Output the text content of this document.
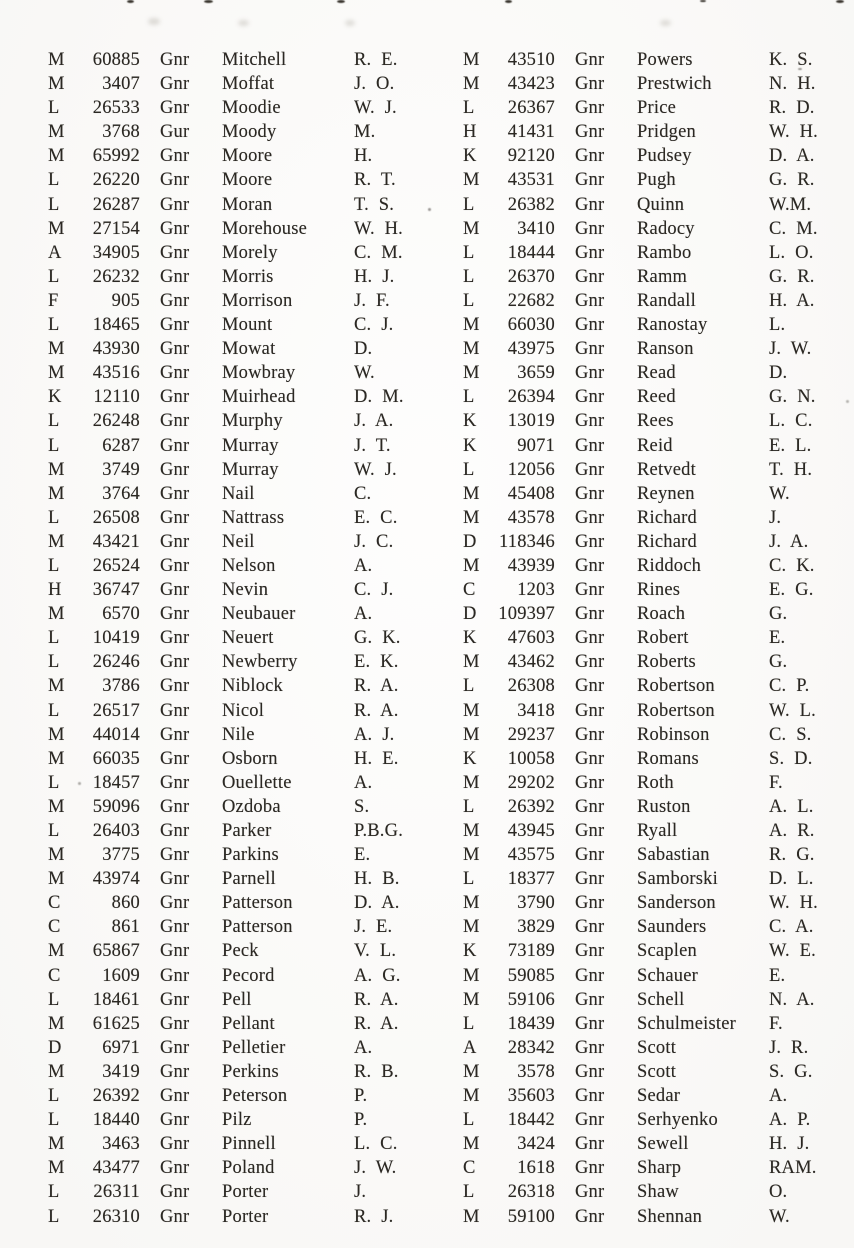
M	60885	Gnr	Mitchell	R. E.
M	3407	Gnr	Moffat	J. O.
L	26533	Gnr	Moodie	W. J.
M	3768	Gur	Moody	M.
M	65992	Gnr	Moore	H.
L	26220	Gnr	Moore	R. T.
L	26287	Gnr	Moran	T. S.
M	27154	Gnr	Morehouse	W. H.
A	34905	Gnr	Morely	C. M.
L	26232	Gnr	Morris	H. J.
F	905	Gnr	Morrison	J. F.
L	18465	Gnr	Mount	C. J.
M	43930	Gnr	Mowat	D.
M	43516	Gnr	Mowbray	W.
K	12110	Gnr	Muirhead	D. M.
L	26248	Gnr	Murphy	J. A.
L	6287	Gnr	Murray	J. T.
M	3749	Gnr	Murray	W. J.
M	3764	Gnr	Nail	C.
L	26508	Gnr	Nattrass	E. C.
M	43421	Gnr	Neil	J. C.
L	26524	Gnr	Nelson	A.
H	36747	Gnr	Nevin	C. J.
M	6570	Gnr	Neubauer	A.
L	10419	Gnr	Neuert	G. K.
L	26246	Gnr	Newberry	E. K.
M	3786	Gnr	Niblock	R. A.
L	26517	Gnr	Nicol	R. A.
M	44014	Gnr	Nile	A. J.
M	66035	Gnr	Osborn	H. E.
L	18457	Gnr	Ouellette	A.
M	59096	Gnr	Ozdoba	S.
L	26403	Gnr	Parker	P.B.G.
M	3775	Gnr	Parkins	E.
M	43974	Gnr	Parnell	H. B.
C	860	Gnr	Patterson	D. A.
C	861	Gnr	Patterson	J. E.
M	65867	Gnr	Peck	V. L.
C	1609	Gnr	Pecord	A. G.
L	18461	Gnr	Pell	R. A.
M	61625	Gnr	Pellant	R. A.
D	6971	Gnr	Pelletier	A.
M	3419	Gnr	Perkins	R. B.
L	26392	Gnr	Peterson	P.
L	18440	Gnr	Pilz	P.
M	3463	Gnr	Pinnell	L. C.
M	43477	Gnr	Poland	J. W.
L	26311	Gnr	Porter	J.
L	26310	Gnr	Porter	R. J.
M	43510	Gnr	Powers	K. S.
M	43423	Gnr	Prestwich	N. H.
L	26367	Gnr	Price	R. D.
H	41431	Gnr	Pridgen	W. H.
K	92120	Gnr	Pudsey	D. A.
M	43531	Gnr	Pugh	G. R.
L	26382	Gnr	Quinn	W.M.
M	3410	Gnr	Radocy	C. M.
L	18444	Gnr	Rambo	L. O.
L	26370	Gnr	Ramm	G. R.
L	22682	Gnr	Randall	H. A.
M	66030	Gnr	Ranostay	L.
M	43975	Gnr	Ranson	J. W.
M	3659	Gnr	Read	D.
L	26394	Gnr	Reed	G. N.
K	13019	Gnr	Rees	L. C.
K	9071	Gnr	Reid	E. L.
L	12056	Gnr	Retvedt	T. H.
M	45408	Gnr	Reynen	W.
M	43578	Gnr	Richard	J.
D	118346	Gnr	Richard	J. A.
M	43939	Gnr	Riddoch	C. K.
C	1203	Gnr	Rines	E. G.
D	109397	Gnr	Roach	G.
K	47603	Gnr	Robert	E.
M	43462	Gnr	Roberts	G.
L	26308	Gnr	Robertson	C. P.
M	3418	Gnr	Robertson	W. L.
M	29237	Gnr	Robinson	C. S.
K	10058	Gnr	Romans	S. D.
M	29202	Gnr	Roth	F.
L	26392	Gnr	Ruston	A. L.
M	43945	Gnr	Ryall	A. R.
M	43575	Gnr	Sabastian	R. G.
L	18377	Gnr	Samborski	D. L.
M	3790	Gnr	Sanderson	W. H.
M	3829	Gnr	Saunders	C. A.
K	73189	Gnr	Scaplen	W. E.
M	59085	Gnr	Schauer	E.
M	59106	Gnr	Schell	N. A.
L	18439	Gnr	Schulmeister	F.
A	28342	Gnr	Scott	J. R.
M	3578	Gnr	Scott	S. G.
M	35603	Gnr	Sedar	A.
L	18442	Gnr	Serhyenko	A. P.
M	3424	Gnr	Sewell	H. J.
C	1618	Gnr	Sharp	RAM.
L	26318	Gnr	Shaw	O.
M	59100	Gnr	Shennan	W.
